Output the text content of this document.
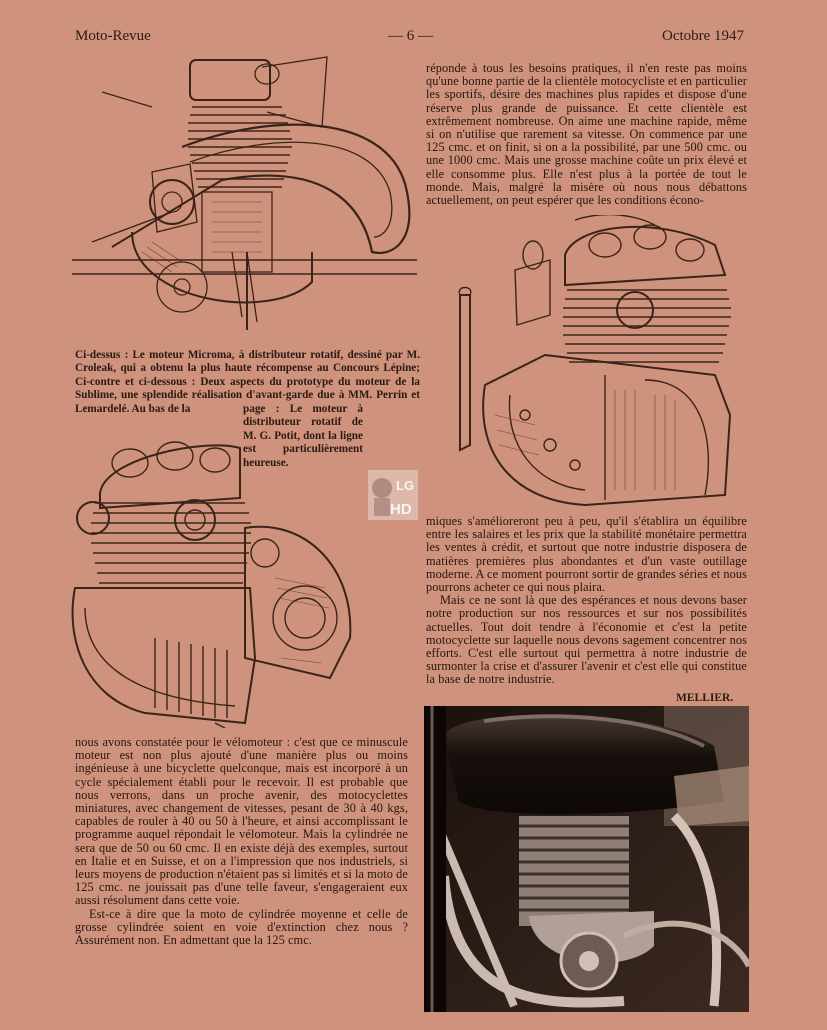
Moto-Revue	— 6 —	Octobre 1947

réponde à tous les besoins pratiques, il n'en reste pas moins qu'une bonne partie de la clientèle motocycliste et en particulier les sportifs, désire des machines plus rapides et dispose d'une réserve plus grande de puissance. Et cette clientèle est extrêmement nombreuse. On aime une machine rapide, même si on n'utilise que rarement sa vitesse. On commence par une 125 cmc. et on finit, si on a la possibilité, par une 500 cmc. ou une 1000 cmc. Mais une grosse machine coûte un prix élevé et elle consomme plus. Elle n'est plus à la portée de tout le monde. Mais, malgré la misère où nous nous débattons actuellement, on peut espérer que les conditions écono-

Ci-dessus : Le moteur Microma, à distributeur rotatif, dessiné par M. Croleak, qui a obtenu la plus haute récompense au Concours Lépine; Ci-contre et ci-dessous : Deux aspects du prototype du moteur de la Sublime, une splendide réalisation d'avant-garde due à MM. Perrin et Lemardelé. Au bas de la	page : Le moteur à distributeur rotatif de M. G. Potit, dont la ligne est particulièrement heureuse.
LG
HD

miques s'amélioreront peu à peu, qu'il s'établira un équilibre entre les salaires et les prix que la stabilité monétaire permettra les ventes à crédit, et surtout que notre industrie disposera de matières premières plus abondantes et d'un vaste outillage moderne. A ce moment pourront sortir de grandes séries et nous pourrons acheter ce qui nous plaira.

Mais ce ne sont là que des espérances et nous devons baser notre production sur nos ressources et sur nos possibilités actuelles. Tout doit tendre à l'économie et c'est la petite motocyclette sur laquelle nous devons sagement concentrer nos efforts. C'est elle surtout qui permettra à notre industrie de surmonter la crise et d'assurer l'avenir et c'est elle qui constitue la base de notre industrie.

MELLIER.

nous avons constatée pour le vélomoteur : c'est que ce minuscule moteur est non plus ajouté d'une manière plus ou moins ingénieuse à une bicyclette quelconque, mais est incorporé à un cycle spécialement établi pour le recevoir. Il est probable que nous verrons, dans un proche avenir, des motocyclettes miniatures, avec changement de vitesses, pesant de 30 à 40 kgs, capables de rouler à 40 ou 50 à l'heure, et ainsi accomplissant le programme auquel répondait le vélomoteur. Mais la cylindrée ne sera que de 50 ou 60 cmc. Il en existe déjà des exemples, surtout en Italie et en Suisse, et on a l'impression que nos industriels, si leurs moyens de production n'étaient pas si limités et si la moto de 125 cmc. ne jouissait pas d'une telle faveur, s'engageraient eux aussi résolument dans cette voie.

Est-ce à dire que la moto de cylindrée moyenne et celle de grosse cylindrée soient en voie d'extinction chez nous ? Assurément non. En admettant que la 125 cmc.
